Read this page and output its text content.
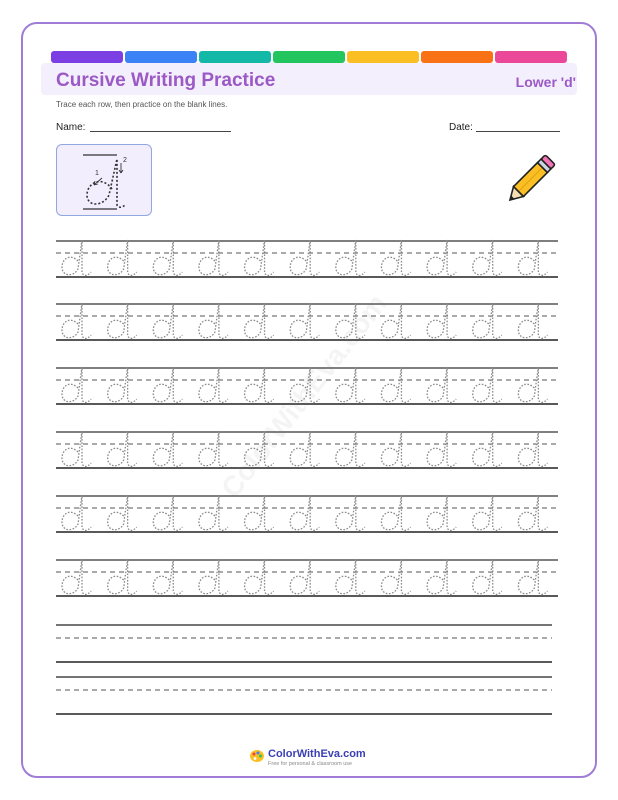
Cursive Writing Practice	Lower 'd'
Trace each row, then practice on the blank lines.
Name:	Date:
1
2
ColorWithEva.com
ColorWithEva.com
Free for personal & classroom use
